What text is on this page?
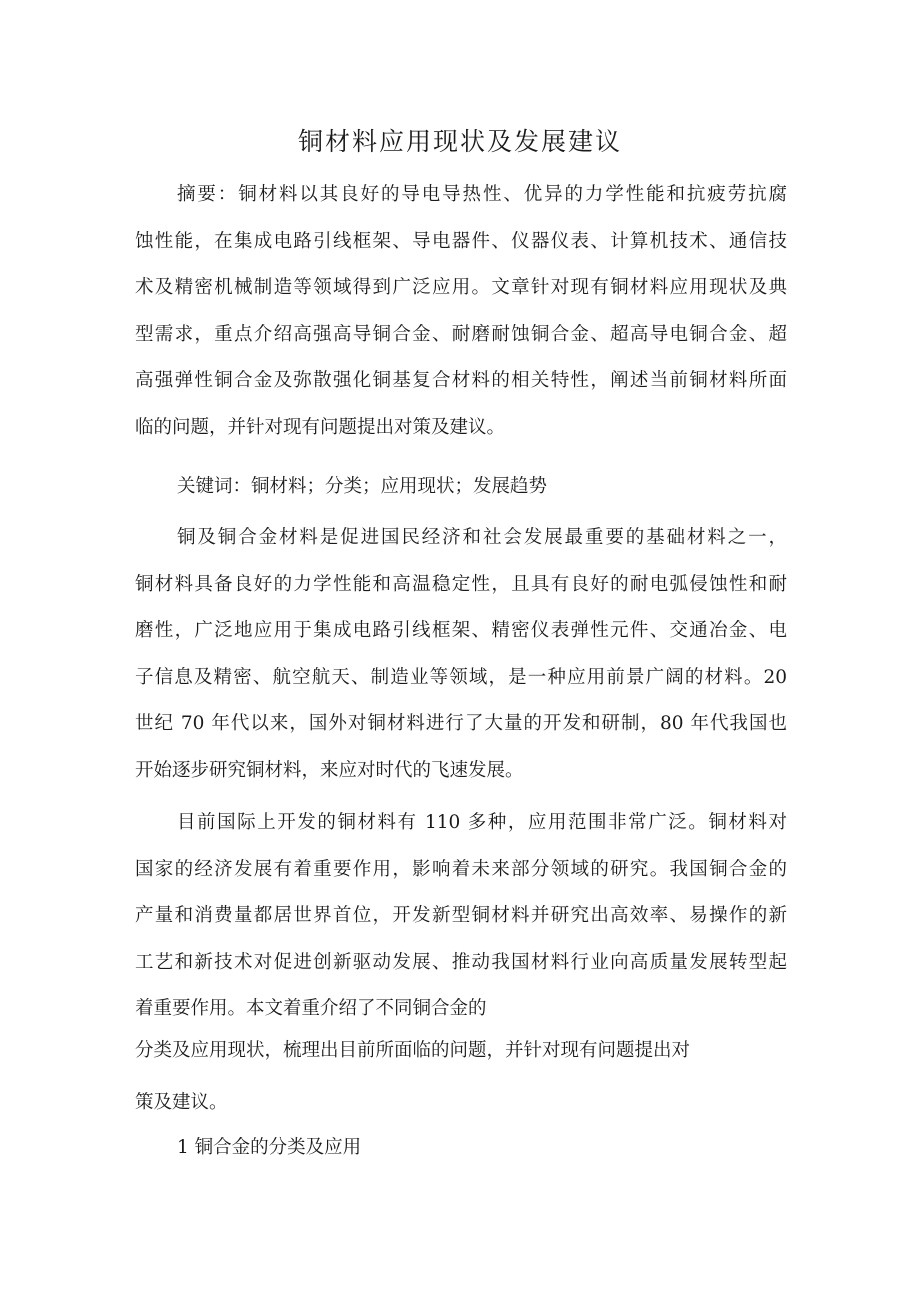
铜材料应用现状及发展建议
摘要：铜材料以其良好的导电导热性、优异的力学性能和抗疲劳抗腐
蚀性能，在集成电路引线框架、导电器件、仪器仪表、计算机技术、通信技
术及精密机械制造等领域得到广泛应用。文章针对现有铜材料应用现状及典
型需求，重点介绍高强高导铜合金、耐磨耐蚀铜合金、超高导电铜合金、超
高强弹性铜合金及弥散强化铜基复合材料的相关特性，阐述当前铜材料所面
临的问题，并针对现有问题提出对策及建议。

关键词：铜材料；分类；应用现状；发展趋势

铜及铜合金材料是促进国民经济和社会发展最重要的基础材料之一，
铜材料具备良好的力学性能和高温稳定性，且具有良好的耐电弧侵蚀性和耐
磨性，广泛地应用于集成电路引线框架、精密仪表弹性元件、交通冶金、电
子信息及精密、航空航天、制造业等领域，是一种应用前景广阔的材料。20
世纪 70 年代以来，国外对铜材料进行了大量的开发和研制，80 年代我国也
开始逐步研究铜材料，来应对时代的飞速发展。
目前国际上开发的铜材料有 110 多种，应用范围非常广泛。铜材料对
国家的经济发展有着重要作用，影响着未来部分领域的研究。我国铜合金的
产量和消费量都居世界首位，开发新型铜材料并研究出高效率、易操作的新
工艺和新技术对促进创新驱动发展、推动我国材料行业向高质量发展转型起
着重要作用。本文着重介绍了不同铜合金的

分类及应用现状，梳理出目前所面临的问题，并针对现有问题提出对

策及建议。

1 铜合金的分类及应用
